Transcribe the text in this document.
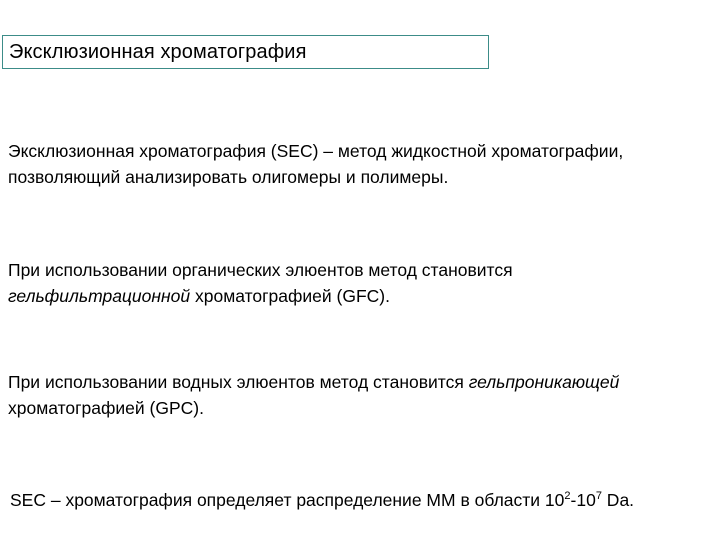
Эксклюзионная хроматография
Эксклюзионная хроматография (SEC) – метод жидкостной хроматографии,
позволяющий анализировать олигомеры и полимеры.
При использовании органических элюентов метод становится
гельфильтрационной хроматографией (GFC).
При использовании водных элюентов метод становится гельпроникающей
хроматографией (GPC).
SEC – хроматография определяет распределение ММ в области $10^2-10^7$ Da.
